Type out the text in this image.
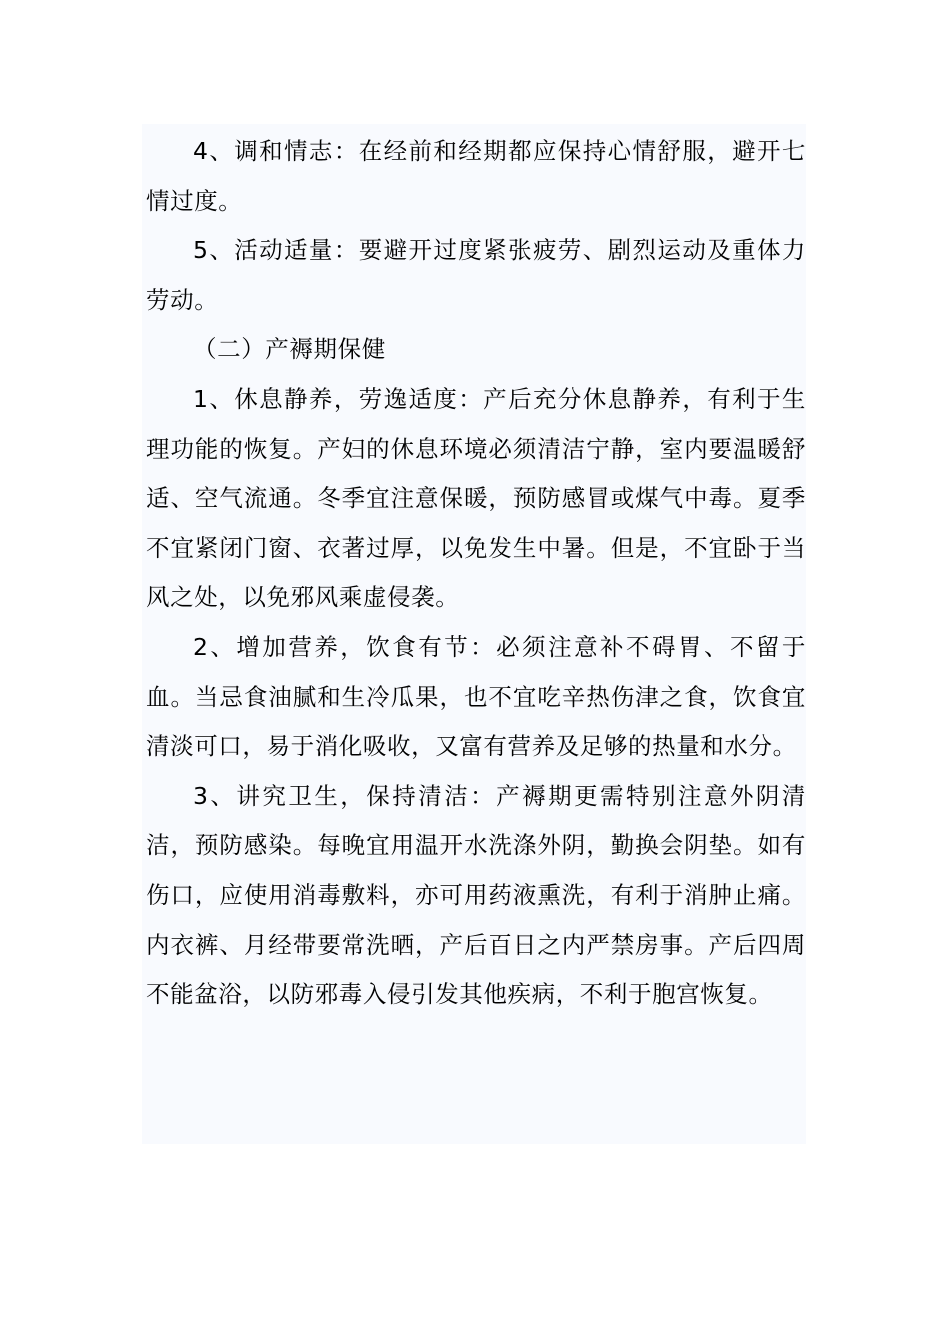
4、调和情志：在经前和经期都应保持心情舒服，避开七情过度。

5、活动适量：要避开过度紧张疲劳、剧烈运动及重体力劳动。

（二）产褥期保健

1、休息静养，劳逸适度：产后充分休息静养，有利于生理功能的恢复。产妇的休息环境必须清洁宁静，室内要温暖舒适、空气流通。冬季宜注意保暖，预防感冒或煤气中毒。夏季不宜紧闭门窗、衣著过厚，以免发生中暑。但是，不宜卧于当风之处，以免邪风乘虚侵袭。

2、增加营养，饮食有节：必须注意补不碍胃、不留于血。当忌食油腻和生冷瓜果，也不宜吃辛热伤津之食，饮食宜清淡可口，易于消化吸收，又富有营养及足够的热量和水分。

3、讲究卫生，保持清洁：产褥期更需特别注意外阴清洁，预防感染。每晚宜用温开水洗涤外阴，勤换会阴垫。如有伤口，应使用消毒敷料，亦可用药液熏洗，有利于消肿止痛。内衣裤、月经带要常洗晒，产后百日之内严禁房事。产后四周不能盆浴，以防邪毒入侵引发其他疾病，不利于胞宫恢复。
